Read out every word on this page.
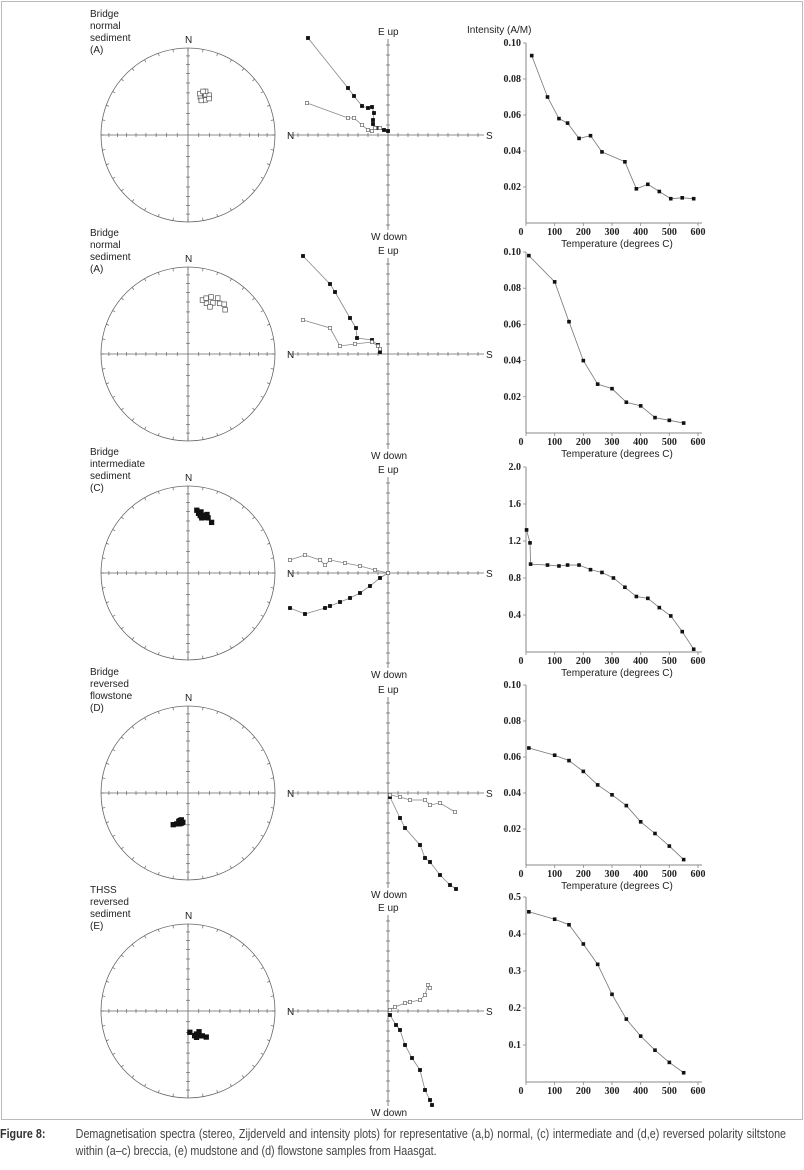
Bridge
normal
sediment
(A)
N
N	S
E up
W down
0.02
0.04
0.06
0.08
0.10
0 100 200 300 400 500 600
Temperature (degrees C)
Intensity (A/M)
Bridge
normal
sediment
(A)
N
N	S
E up
W down
0.02
0.04
0.06
0.08
0.10
0 100 200 300 400 500 600
Temperature (degrees C)
Bridge
intermediate
sediment
(C)
N
N	S
E up
W down
0.4
0.8
1.2
1.6
2.0
0 100 200 300 400 500 600
Temperature (degrees C)
Bridge
reversed
flowstone
(D)
N
N	S
E up
W down
0.02
0.04
0.06
0.08
0.10
0 100 200 300 400 500 600
Temperature (degrees C)
THSS
reversed
sediment
(E)
N
N	S
E up
W down
0.1
0.2
0.3
0.4
0.5
0 100 200 300 400 500 600
Figure 8: Demagnetisation spectra (stereo, Zijderveld and intensity plots) for representative (a,b) normal, (c) intermediate and (d,e) reversed polarity siltstone within (a–c) breccia, (e) mudstone and (d) flowstone samples from Haasgat.
